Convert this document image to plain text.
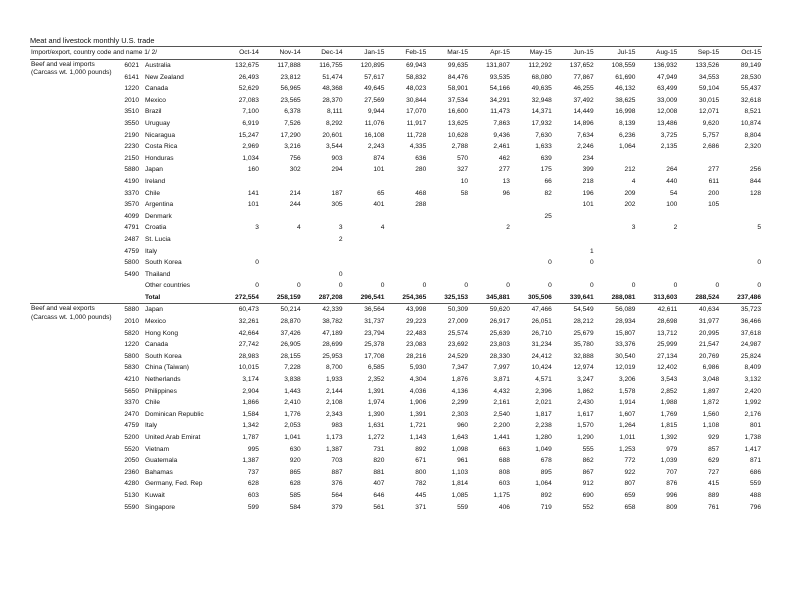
Meat and livestock monthly U.S. trade
Import/export, country code and name 1/ 2/			Oct-14	Nov-14	Dec-14	Jan-15	Feb-15	Mar-15	Apr-15	May-15	Jun-15	Jul-15	Aug-15	Sep-15	Oct-15
Beef and veal imports (Carcass wt. 1,000 pounds)	6021	Australia	132,675	117,888	116,755	120,895	69,943	99,635	131,807	112,292	137,652	108,559	136,932	133,526	89,149
	6141	New Zealand	26,493	23,812	51,474	57,617	58,832	84,476	93,535	68,080	77,867	61,690	47,949	34,553	28,530
	1220	Canada	52,629	56,965	48,368	49,645	48,023	58,901	54,166	49,635	46,255	46,132	63,499	59,104	55,437
	2010	Mexico	27,083	23,565	28,370	27,569	30,844	37,534	34,291	32,948	37,492	38,625	33,009	30,015	32,618
	3510	Brazil	7,100	6,378	8,111	9,944	17,070	16,600	11,473	14,371	14,449	16,998	12,008	12,071	8,521
	3550	Uruguay	6,919	7,526	8,292	11,076	11,917	13,625	7,863	17,932	14,896	8,139	13,486	9,620	10,874
	2190	Nicaragua	15,247	17,290	20,601	16,108	11,728	10,628	9,436	7,630	7,634	6,236	3,725	5,757	8,804
	2230	Costa Rica	2,969	3,216	3,544	2,243	4,335	2,788	2,461	1,633	2,246	1,064	2,135	2,686	2,320
	2150	Honduras	1,034	756	903	874	636	570	462	639	234				
	5880	Japan	160	302	294	101	280	327	277	175	399	212	264	277	256
	4190	Ireland						10	13	66	218	4	440	611	844
	3370	Chile	141	214	187	65	468	58	96	82	196	209	54	200	128
	3570	Argentina	101	244	305	401	288				101	202	100	105	
	4099	Denmark								25					
	4791	Croatia	3	4	3	4			2			3	2		5
	2487	St. Lucia			2										
	4759	Italy									1				
	5800	South Korea	0							0	0				0
	5490	Thailand			0										
		Other countries	0	0	0	0	0	0	0	0	0	0	0	0	0
		Total	272,554	258,159	287,208	296,541	254,365	325,153	345,881	305,506	339,641	288,081	313,603	288,524	237,486
Beef and veal exports (Carcass wt. 1,000 pounds)	5880	Japan	60,473	50,214	42,339	36,564	43,998	50,309	59,620	47,466	54,549	56,089	42,611	40,634	35,723
	2010	Mexico	32,261	28,870	38,782	31,737	29,223	27,009	26,917	26,051	28,212	28,934	28,698	31,977	36,466
	5820	Hong Kong	42,664	37,426	47,189	23,794	22,483	25,574	25,639	26,710	25,679	15,807	13,712	20,995	37,618
	1220	Canada	27,742	26,905	28,699	25,378	23,083	23,692	23,803	31,234	35,780	33,376	25,999	21,547	24,987
	5800	South Korea	28,983	28,155	25,953	17,708	28,216	24,529	28,330	24,412	32,888	30,540	27,134	20,769	25,824
	5830	China (Taiwan)	10,015	7,228	8,700	6,585	5,930	7,347	7,997	10,424	12,974	12,019	12,402	6,986	8,409
	4210	Netherlands	3,174	3,838	1,933	2,352	4,304	1,876	3,871	4,571	3,247	3,206	3,543	3,048	3,132
	5650	Philippines	2,904	1,443	2,144	1,391	4,036	4,136	4,432	2,396	1,862	1,578	2,852	1,897	2,420
	3370	Chile	1,866	2,410	2,108	1,974	1,906	2,299	2,161	2,021	2,430	1,914	1,988	1,872	1,992
	2470	Dominican Republic	1,584	1,776	2,343	1,390	1,391	2,303	2,540	1,817	1,617	1,607	1,769	1,560	2,176
	4759	Italy	1,342	2,053	983	1,631	1,721	960	2,200	2,238	1,570	1,264	1,815	1,108	801
	5200	United Arab Emirat	1,787	1,041	1,173	1,272	1,143	1,643	1,441	1,280	1,290	1,011	1,392	929	1,738
	5520	Vietnam	995	630	1,387	731	892	1,098	663	1,049	555	1,253	979	857	1,417
	2050	Guatemala	1,387	920	703	820	671	961	688	678	862	772	1,039	629	871
	2360	Bahamas	737	865	887	881	800	1,103	808	895	867	922	707	727	686
	4280	Germany, Fed. Rep	628	628	376	407	782	1,814	603	1,064	912	807	876	415	559
	5130	Kuwait	603	585	564	646	445	1,085	1,175	892	690	659	996	889	488
	5590	Singapore	599	584	379	561	371	559	406	719	552	658	809	761	796
